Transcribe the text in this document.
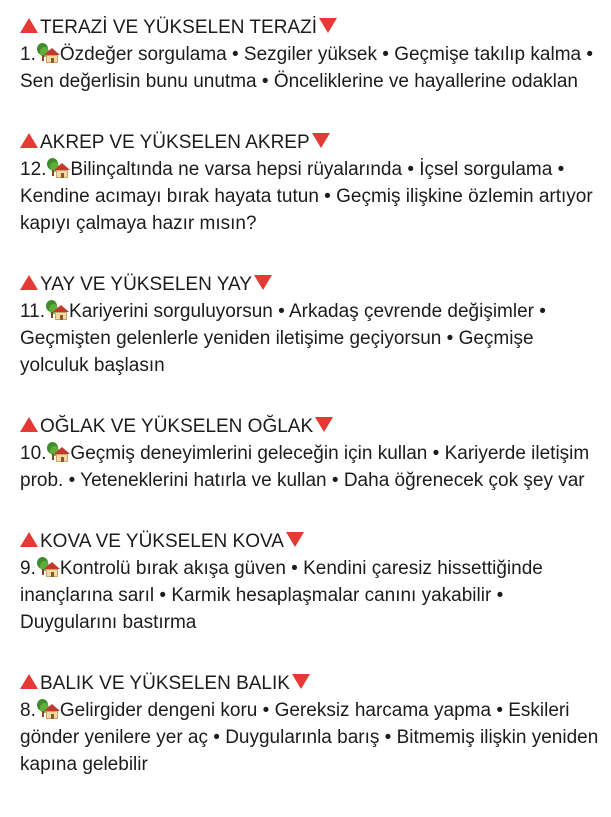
TERAZİ VE YÜKSELEN TERAZİ
1. Özdeğer sorgulama • Sezgiler yüksek • Geçmişe takılıp kalma • Sen değerlisin bunu unutma • Önceliklerine ve hayallerine odaklan
AKREP VE YÜKSELEN AKREP
12. Bilinçaltında ne varsa hepsi rüyalarında • İçsel sorgulama • Kendine acımayı bırak hayata tutun • Geçmiş ilişkine özlemin artıyor kapıyı çalmaya hazır mısın?
YAY VE YÜKSELEN YAY
11. Kariyerini sorguluyorsun • Arkadaş çevrende değişimler • Geçmişten gelenlerle yeniden iletişime geçiyorsun • Geçmişe yolculuk başlasın
OĞLAK VE YÜKSELEN OĞLAK
10. Geçmiş deneyimlerini geleceğin için kullan • Kariyerde iletişim prob. • Yeteneklerini hatırla ve kullan • Daha öğrenecek çok şey var
KOVA VE YÜKSELEN KOVA
9. Kontrolü bırak akışa güven • Kendini çaresiz hissettiğinde inançlarına sarıl • Karmik hesaplaşmalar canını yakabilir • Duygularını bastırma
BALIK VE YÜKSELEN BALIK
8. Gelirgider dengeni koru • Gereksiz harcama yapma • Eskileri gönder yenilere yer aç • Duygularınla barış • Bitmemiş ilişkin yeniden kapına gelebilir
